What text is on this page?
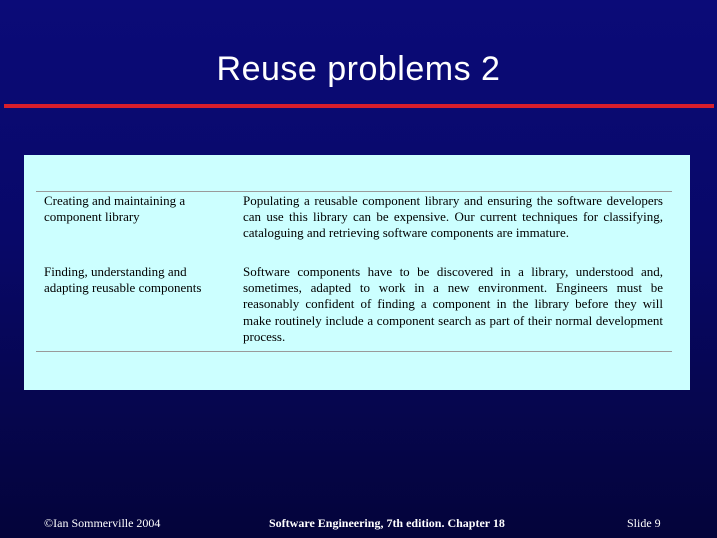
Reuse problems 2
Creating and maintaining a component library
Populating a reusable component library and ensuring the software developers can use this library can be expensive. Our current techniques for classifying, cataloguing and retrieving software components are immature.
Finding, understanding and adapting reusable components
Software components have to be discovered in a library, understood and, sometimes, adapted to work in a new environment. Engineers must be reasonably confident of finding a component in the library before they will make routinely include a component search as part of their normal development process.
©Ian Sommerville 2004	Software Engineering, 7th edition. Chapter 18	Slide 9
